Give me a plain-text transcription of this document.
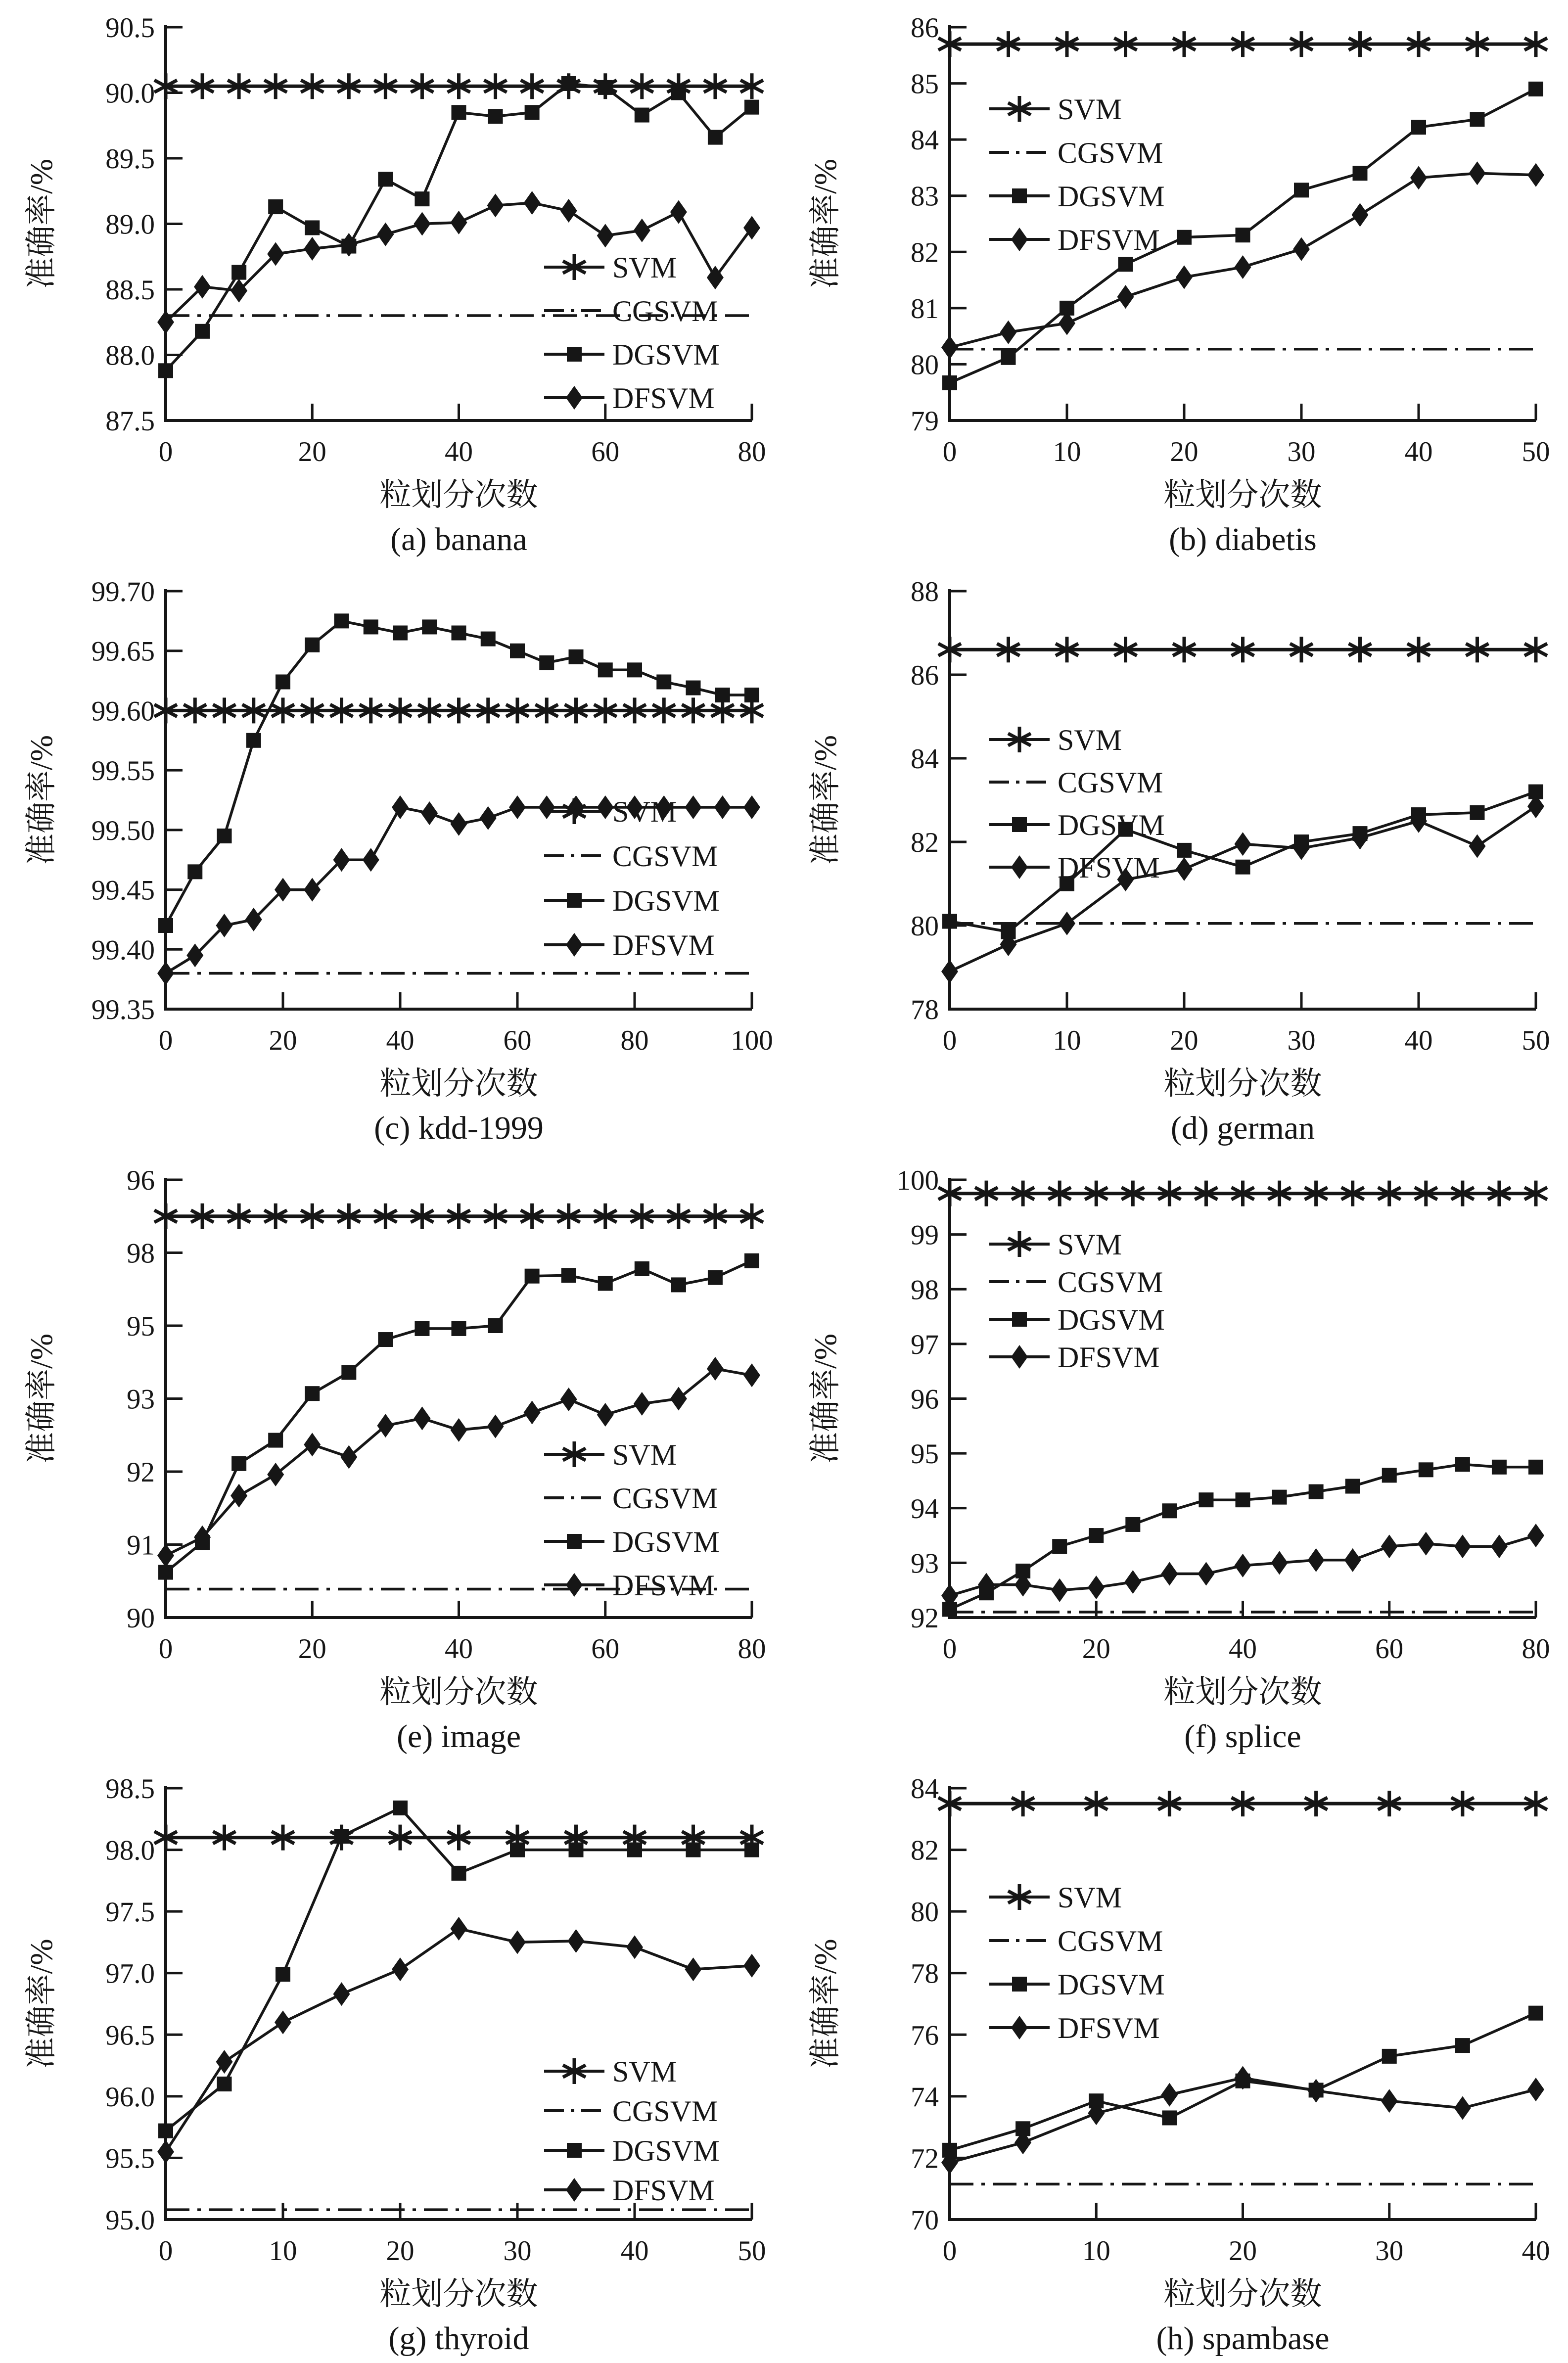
87.5
88.0
88.5
89.0
89.5
90.0
90.5
0	20	40	60	80
准确率/%
粒划分次数
(a) banana
SVM
CGSVM
DGSVM
DFSVM
79
80
81
82
83
84
85
86
0	10	20	30	40	50
准确率/%
粒划分次数
(b) diabetis
SVM
CGSVM
DGSVM
DFSVM
99.35
99.40
99.45
99.50
99.55
99.60
99.65
99.70
0	20	40	60	80	100
准确率/%
粒划分次数
(c) kdd-1999
SVM
CGSVM
DGSVM
DFSVM
78
80
82
84
86
88
0	10	20	30	40	50
准确率/%
粒划分次数
(d) german
SVM
CGSVM
DGSVM
DFSVM
90
91
92
93
95
98
96
0	20	40	60	80
准确率/%
粒划分次数
(e) image
SVM
CGSVM
DGSVM
DFSVM
92
93
94
95
96
97
98
99
100
0	20	40	60	80
准确率/%
粒划分次数
(f) splice
SVM
CGSVM
DGSVM
DFSVM
95.0
95.5
96.0
96.5
97.0
97.5
98.0
98.5
0	10	20	30	40	50
准确率/%
粒划分次数
(g) thyroid
SVM
CGSVM
DGSVM
DFSVM
70
72
74
76
78
80
82
84
0	10	20	30	40
准确率/%
粒划分次数
(h) spambase
SVM
CGSVM
DGSVM
DFSVM
